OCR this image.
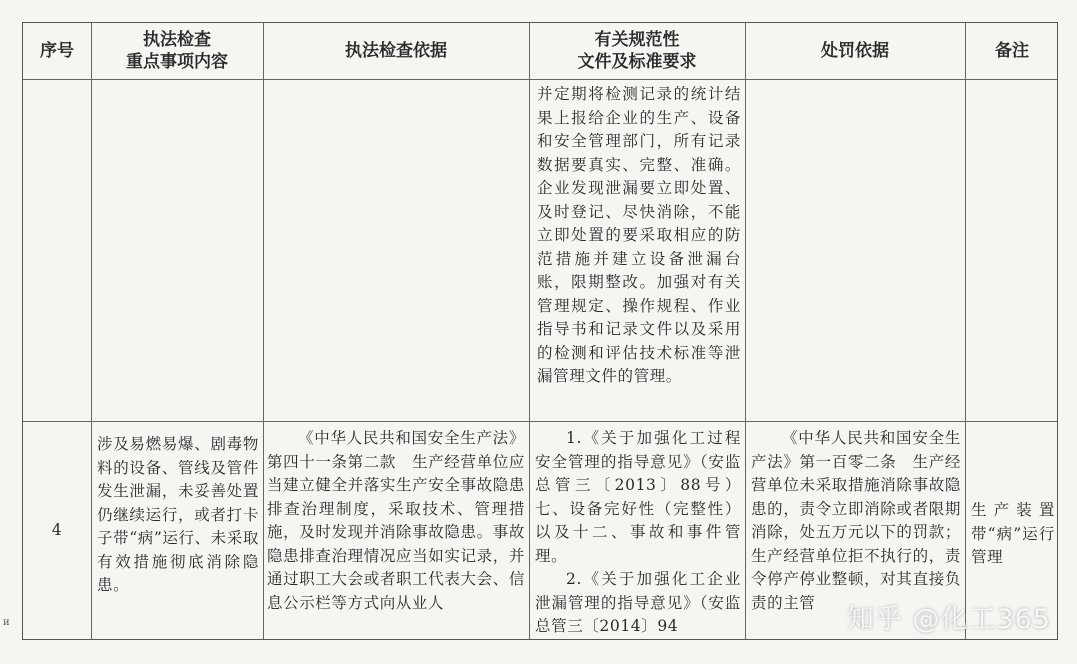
序号
执法检查
重点事项内容
执法检查依据
有关规范性
文件及标准要求
处罚依据	备注
并定期将检测记录的统计结果上报给企业的生产、设备和安全管理部门，所有记录数据要真实、完整、准确。企业发现泄漏要立即处置、及时登记、尽快消除，不能立即处置的要采取相应的防范措施并建立设备泄漏台账，限期整改。加强对有关管理规定、操作规程、作业指导书和记录文件以及采用的检测和评估技术标准等泄漏管理文件的管理。
4
涉及易燃易爆、剧毒物料的设备、管线及管件发生泄漏，未妥善处置仍继续运行，或者打卡子带“病”运行、未采取有效措施彻底消除隐患。
《中华人民共和国安全生产法》第四十一条第二款　生产经营单位应当建立健全并落实生产安全事故隐患排查治理制度，采取技术、管理措施，及时发现并消除事故隐患。事故隐患排查治理情况应当如实记录，并通过职工大会或者职工代表大会、信息公示栏等方式向从业人
1.《关于加强化工过程安全管理的指导意见》（安监总管三〔2013〕88号）七、设备完好性（完整性）以及十二、事故和事件管理。
2.《关于加强化工企业泄漏管理的指导意见》（安监总管三〔2014〕94
《中华人民共和国安全生产法》第一百零二条　生产经营单位未采取措施消除事故隐患的，责令立即消除或者限期消除，处五万元以下的罚款；生产经营单位拒不执行的，责令停产停业整顿，对其直接负责的主管
生产装置带“病”运行管理
и	知乎 @化工365
